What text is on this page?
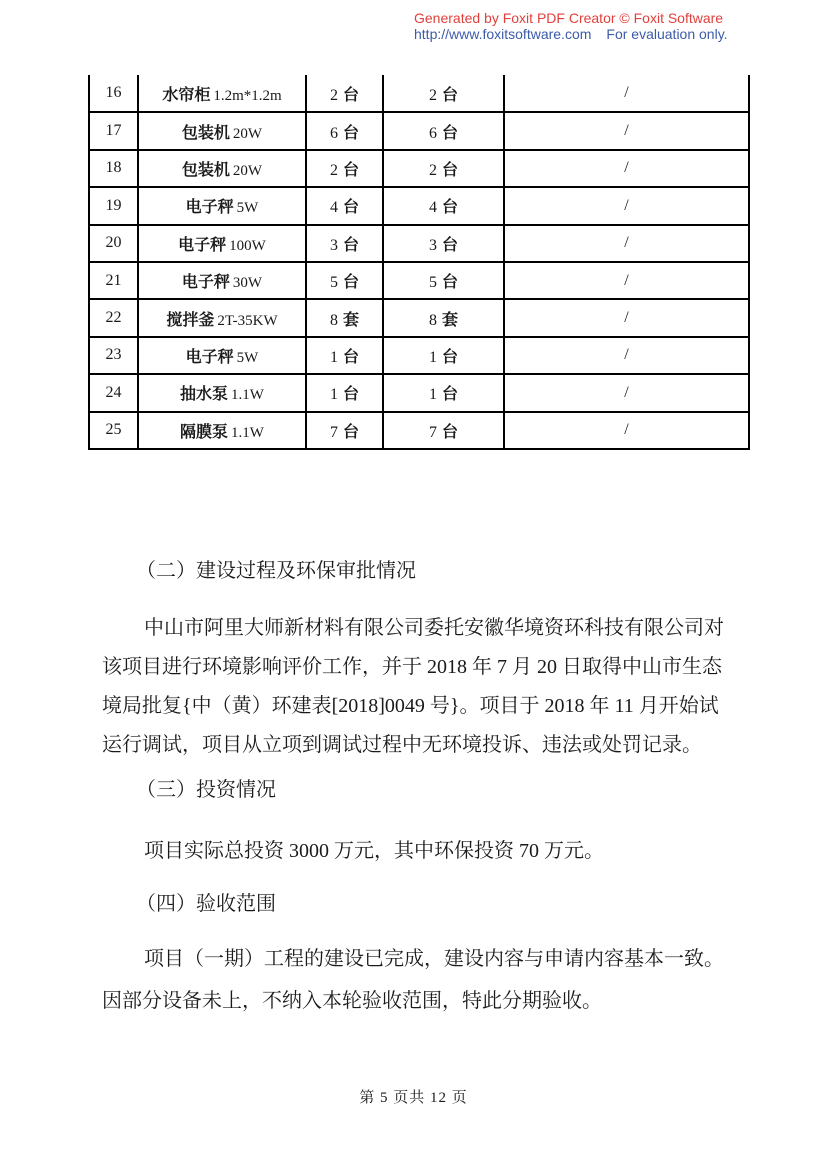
Generated by Foxit PDF Creator © Foxit Software
http://www.foxitsoftware.com For evaluation only.
16	水帘柜 1.2m*1.2m	2 台	2 台	/
17	包装机 20W	6 台	6 台	/
18	包装机 20W	2 台	2 台	/
19	电子秤 5W	4 台	4 台	/
20	电子秤 100W	3 台	3 台	/
21	电子秤 30W	5 台	5 台	/
22	搅拌釜 2T-35KW	8 套	8 套	/
23	电子秤 5W	1 台	1 台	/
24	抽水泵 1.1W	1 台	1 台	/
25	隔膜泵 1.1W	7 台	7 台	/
（二）建设过程及环保审批情况
中山市阿里大师新材料有限公司委托安徽华境资环科技有限公司对
该项目进行环境影响评价工作，并于 2018 年 7 月 20 日取得中山市生态
境局批复{中（黄）环建表[2018]0049 号}。项目于 2018 年 11 月开始试
运行调试，项目从立项到调试过程中无环境投诉、违法或处罚记录。
（三）投资情况
项目实际总投资 3000 万元，其中环保投资 70 万元。
（四）验收范围
项目（一期）工程的建设已完成，建设内容与申请内容基本一致。
因部分设备未上，不纳入本轮验收范围，特此分期验收。
第 5 页共 12 页
